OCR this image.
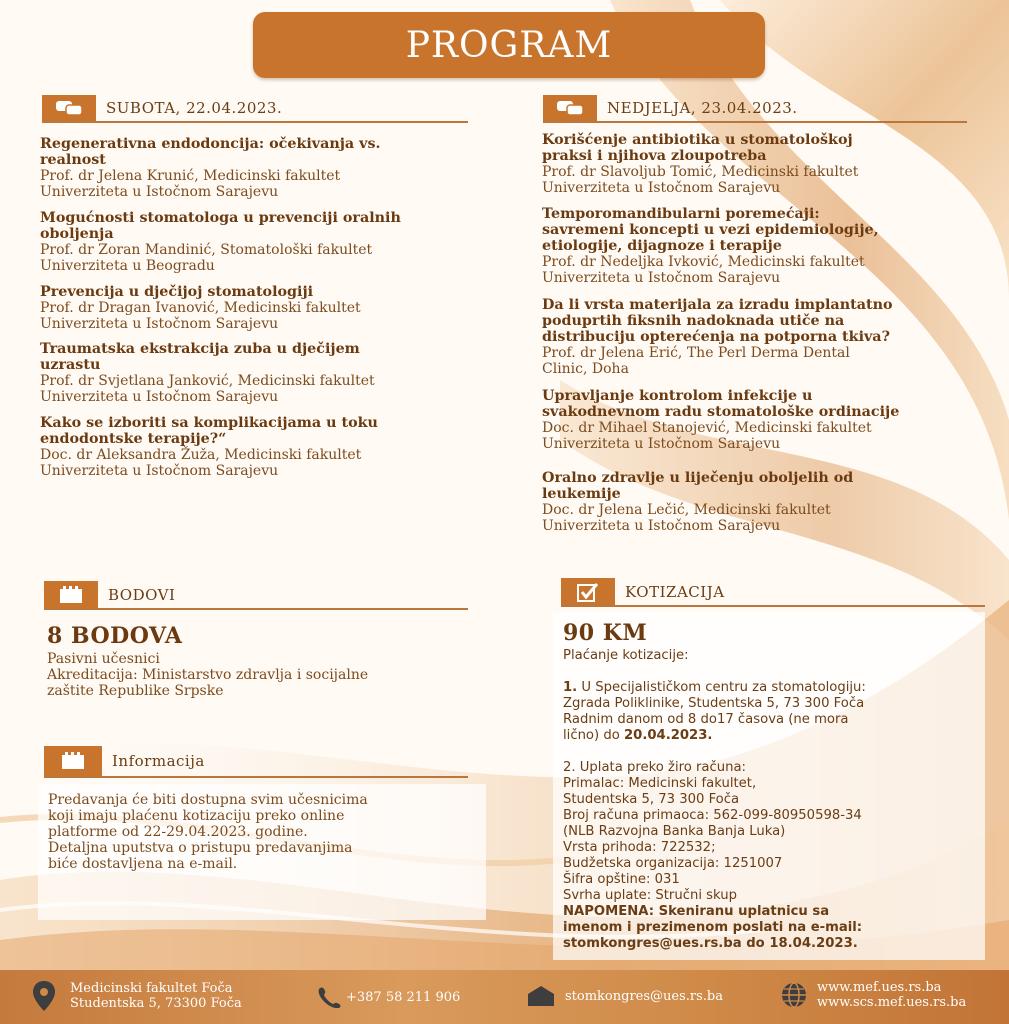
PROGRAM
SUBOTA, 22.04.2023.
Regenerativna endodoncija: očekivanja vs.
realnost
Prof. dr Jelena Krunić, Medicinski fakultet
Univerziteta u Istočnom Sarajevu
Mogućnosti stomatologa u prevenciji oralnih
oboljenja
Prof. dr Zoran Mandinić, Stomatološki fakultet
Univerziteta u Beogradu
Prevencija u dječijoj stomatologiji
Prof. dr Dragan Ivanović, Medicinski fakultet
Univerziteta u Istočnom Sarajevu
Traumatska ekstrakcija zuba u dječijem
uzrastu
Prof. dr Svjetlana Janković, Medicinski fakultet
Univerziteta u Istočnom Sarajevu
Kako se izboriti sa komplikacijama u toku
endodontske terapije?“
Doc. dr Aleksandra Žuža, Medicinski fakultet
Univerziteta u Istočnom Sarajevu
NEDJELJA, 23.04.2023.
Korišćenje antibiotika u stomatološkoj
praksi i njihova zloupotreba
Prof. dr Slavoljub Tomić, Medicinski fakultet
Univerziteta u Istočnom Sarajevu
Temporomandibularni poremećaji:
savremeni koncepti u vezi epidemiologije,
etiologije, dijagnoze i terapije
Prof. dr Nedeljka Ivković, Medicinski fakultet
Univerziteta u Istočnom Sarajevu
Da li vrsta materijala za izradu implantatno
poduprtih fiksnih nadoknada utiče na
distribuciju opterećenja na potporna tkiva?
Prof. dr Jelena Erić, The Perl Derma Dental
Clinic, Doha
Upravljanje kontrolom infekcije u
svakodnevnom radu stomatološke ordinacije
Doc. dr Mihael Stanojević, Medicinski fakultet
Univerziteta u Istočnom Sarajevu
Oralno zdravlje u liječenju oboljelih od
leukemije
Doc. dr Jelena Lečić, Medicinski fakultet
Univerziteta u Istočnom Sarajevu
BODOVI
8 BODOVA
Pasivni učesnici
Akreditacija: Ministarstvo zdravlja i socijalne
zaštite Republike Srpske
Informacija
Predavanja će biti dostupna svim učesnicima
koji imaju plaćenu kotizaciju preko online
platforme od 22-29.04.2023. godine.
Detaljna uputstva o pristupu predavanjima
biće dostavljena na e-mail.
KOTIZACIJA
90 KM
Plaćanje kotizacije:
1. U Specijalističkom centru za stomatologiju:
Zgrada Poliklinike, Studentska 5, 73 300 Foča
Radnim danom od 8 do17 časova (ne mora
lično) do 20.04.2023.
2. Uplata preko žiro računa:
Primalac: Medicinski fakultet,
Studentska 5, 73 300 Foča
Broj računa primaoca: 562-099-80950598-34
(NLB Razvojna Banka Banja Luka)
Vrsta prihoda: 722532;
Budžetska organizacija: 1251007
Šifra opštine: 031
Svrha uplate: Stručni skup
NAPOMENA: Skeniranu uplatnicu sa
imenom i prezimenom poslati na e-mail:
stomkongres@ues.rs.ba do 18.04.2023.
Medicinski fakultet Foča
Studentska 5, 73300 Foča	+387 58 211 906	stomkongres@ues.rs.ba
www.mef.ues.rs.ba
www.scs.mef.ues.rs.ba
